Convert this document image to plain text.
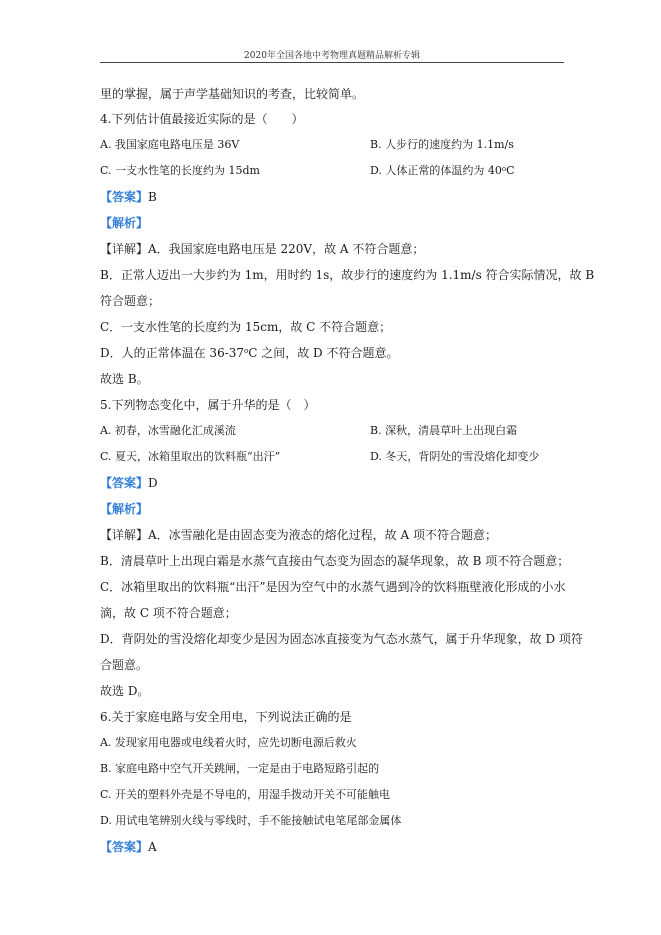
2020年全国各地中考物理真题精品解析专辑
里的掌握，属于声学基础知识的考查，比较简单。
4.下列估计值最接近实际的是（　　）
A. 我国家庭电路电压是 36V	B. 人步行的速度约为 1.1m/s
C. 一支水性笔的长度约为 15dm	D. 人体正常的体温约为 40$^o$C
【答案】B
【解析】
【详解】A．我国家庭电路电压是 220V，故 A 不符合题意；
B．正常人迈出一大步约为 1m，用时约 1s，故步行的速度约为 1.1m/s 符合实际情况，故 B
符合题意；
C．一支水性笔的长度约为 15cm，故 C 不符合题意；
D．人的正常体温在 36-37$^o$C 之间，故 D 不符合题意。
故选 B。
5.下列物态变化中，属于升华的是（　）
A. 初春，冰雪融化汇成溪流	B. 深秋，清晨草叶上出现白霜
C. 夏天，冰箱里取出的饮料瓶“出汗”	D. 冬天，背阴处的雪没熔化却变少
【答案】D
【解析】
【详解】A．冰雪融化是由固态变为液态的熔化过程，故 A 项不符合题意；
B．清晨草叶上出现白霜是水蒸气直接由气态变为固态的凝华现象，故 B 项不符合题意；
C．冰箱里取出的饮料瓶“出汗”是因为空气中的水蒸气遇到冷的饮料瓶壁液化形成的小水
滴，故 C 项不符合题意；
D．背阴处的雪没熔化却变少是因为固态冰直接变为气态水蒸气，属于升华现象，故 D 项符
合题意。
故选 D。
6.关于家庭电路与安全用电，下列说法正确的是
A. 发现家用电器或电线着火时，应先切断电源后救火
B. 家庭电路中空气开关跳闸，一定是由于电路短路引起的
C. 开关的塑料外壳是不导电的，用湿手拨动开关不可能触电
D. 用试电笔辨别火线与零线时，手不能接触试电笔尾部金属体
【答案】A
